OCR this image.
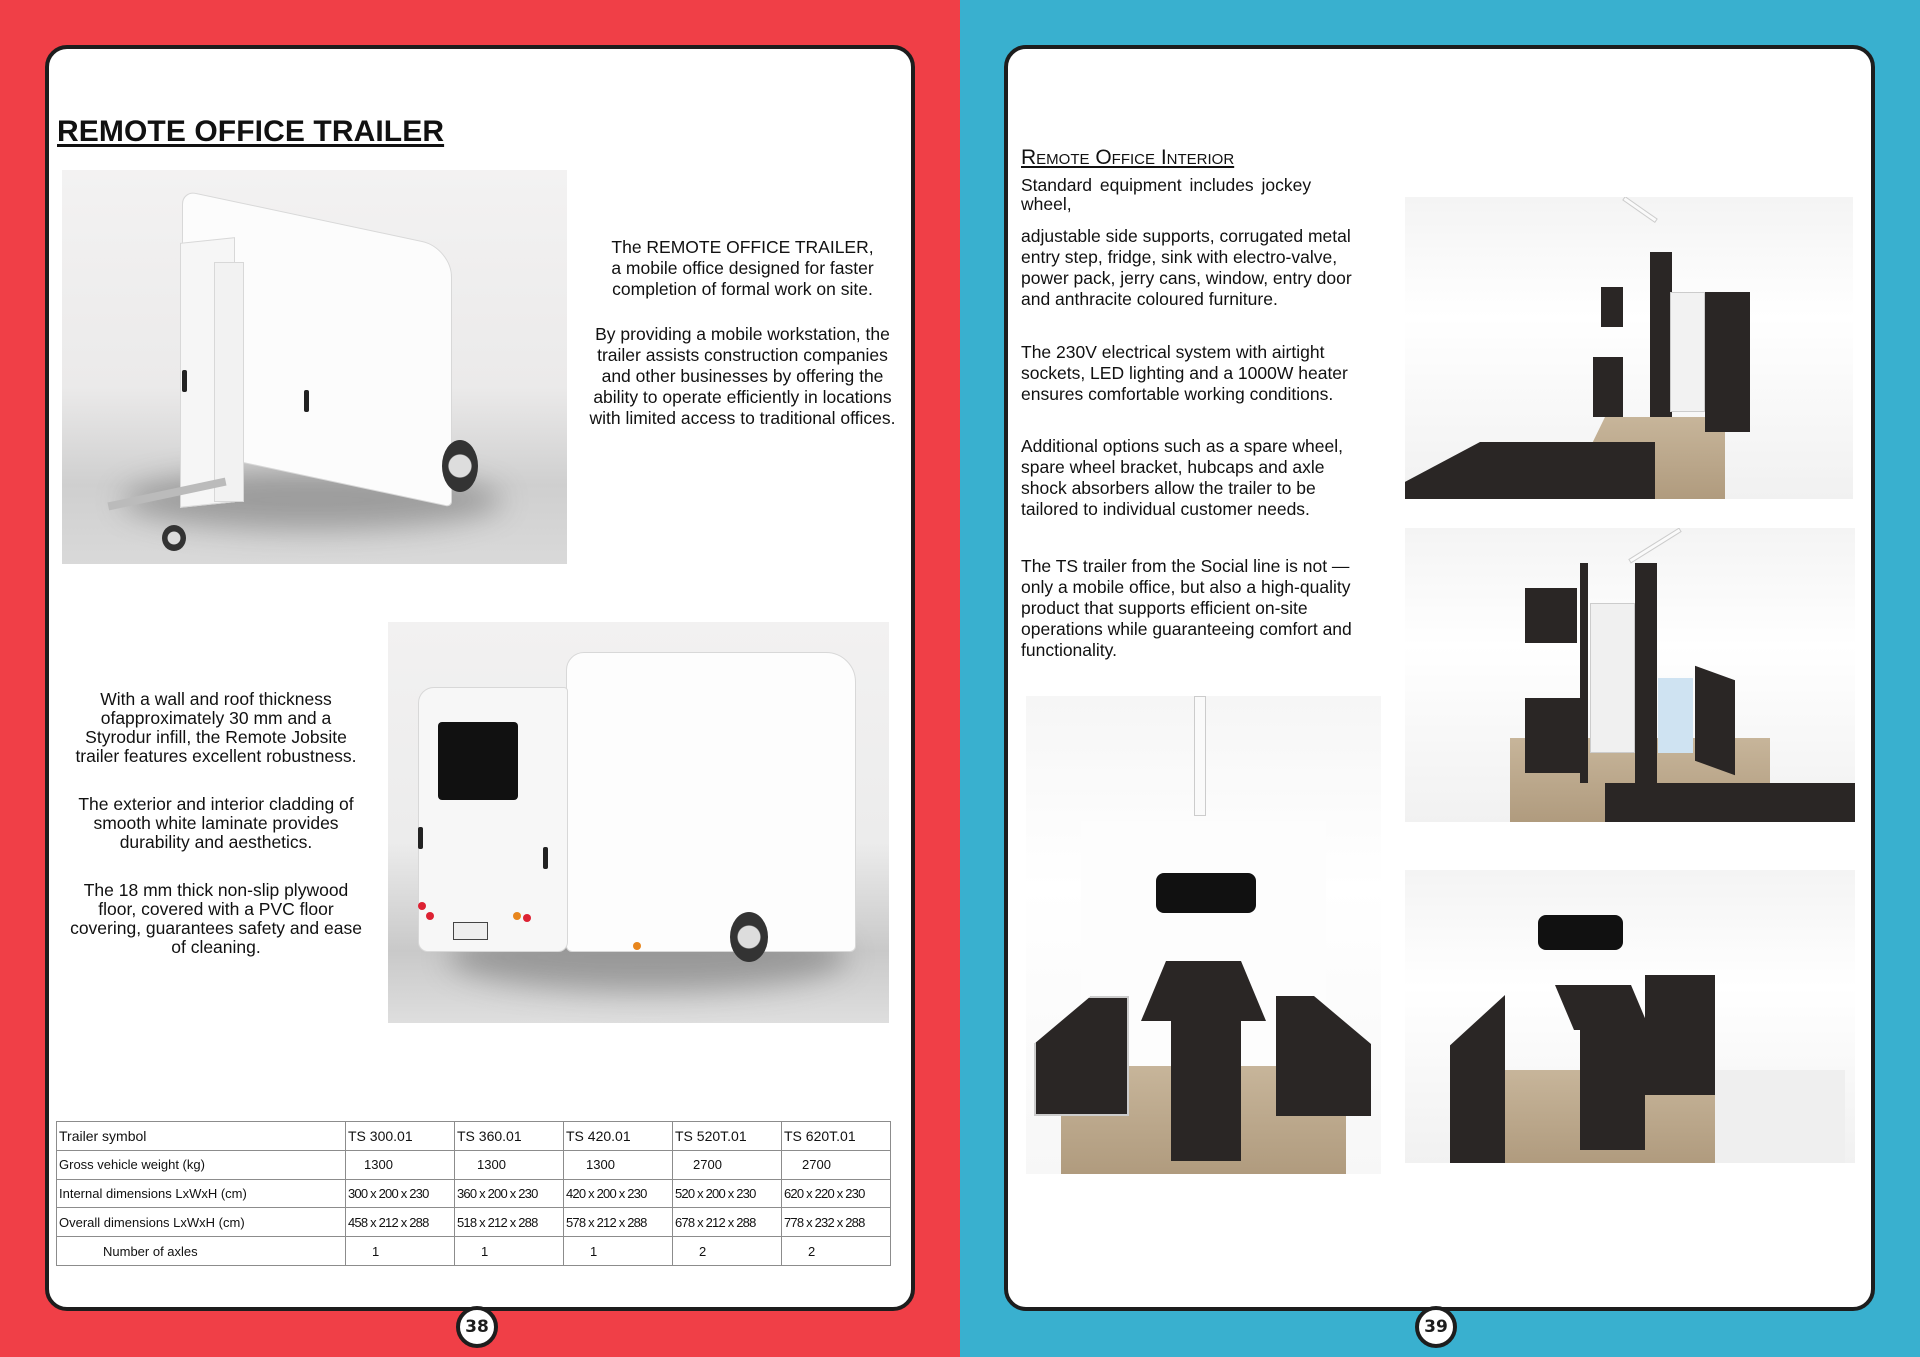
REMOTE OFFICE TRAILER
The REMOTE OFFICE TRAILER,
a mobile office designed for faster
completion of formal work on site.
By providing a mobile workstation, the
trailer assists construction companies
and other businesses by offering the
ability to operate efficiently in locations
with limited access to traditional offices.
With a wall and roof thickness
ofapproximately 30 mm and a
Styrodur infill, the Remote Jobsite
trailer features excellent robustness.
The exterior and interior cladding of
smooth white laminate provides
durability and aesthetics.
The 18 mm thick non-slip plywood
floor, covered with a PVC floor
covering, guarantees safety and ease
of cleaning.
Trailer symbol	TS 300.01	TS 360.01	TS 420.01	TS 520T.01	TS 620T.01
Gross vehicle weight (kg)	1300	1300	1300	2700	2700
Internal dimensions LxWxH (cm)	300 x 200 x 230	360 x 200 x 230	420 x 200 x 230	520 x 200 x 230	620 x 220 x 230
Overall dimensions LxWxH (cm)	458 x 212 x 288	518 x 212 x 288	578 x 212 x 288	678 x 212 x 288	778 x 232 x 288
Number of axles	1	1	1	2	2
38
Remote Office Interior
Standard equipment includes jockey
wheel,
adjustable side supports, corrugated metal
entry step, fridge, sink with electro-valve,
power pack, jerry cans, window, entry door
and anthracite coloured furniture.
The 230V electrical system with airtight
sockets, LED lighting and a 1000W heater
ensures comfortable working conditions.
Additional options such as a spare wheel,
spare wheel bracket, hubcaps and axle
shock absorbers allow the trailer to be
tailored to individual customer needs.
The TS trailer from the Social line is not —
only a mobile office, but also a high-quality
product that supports efficient on-site
operations while guaranteeing comfort and
functionality.
39
